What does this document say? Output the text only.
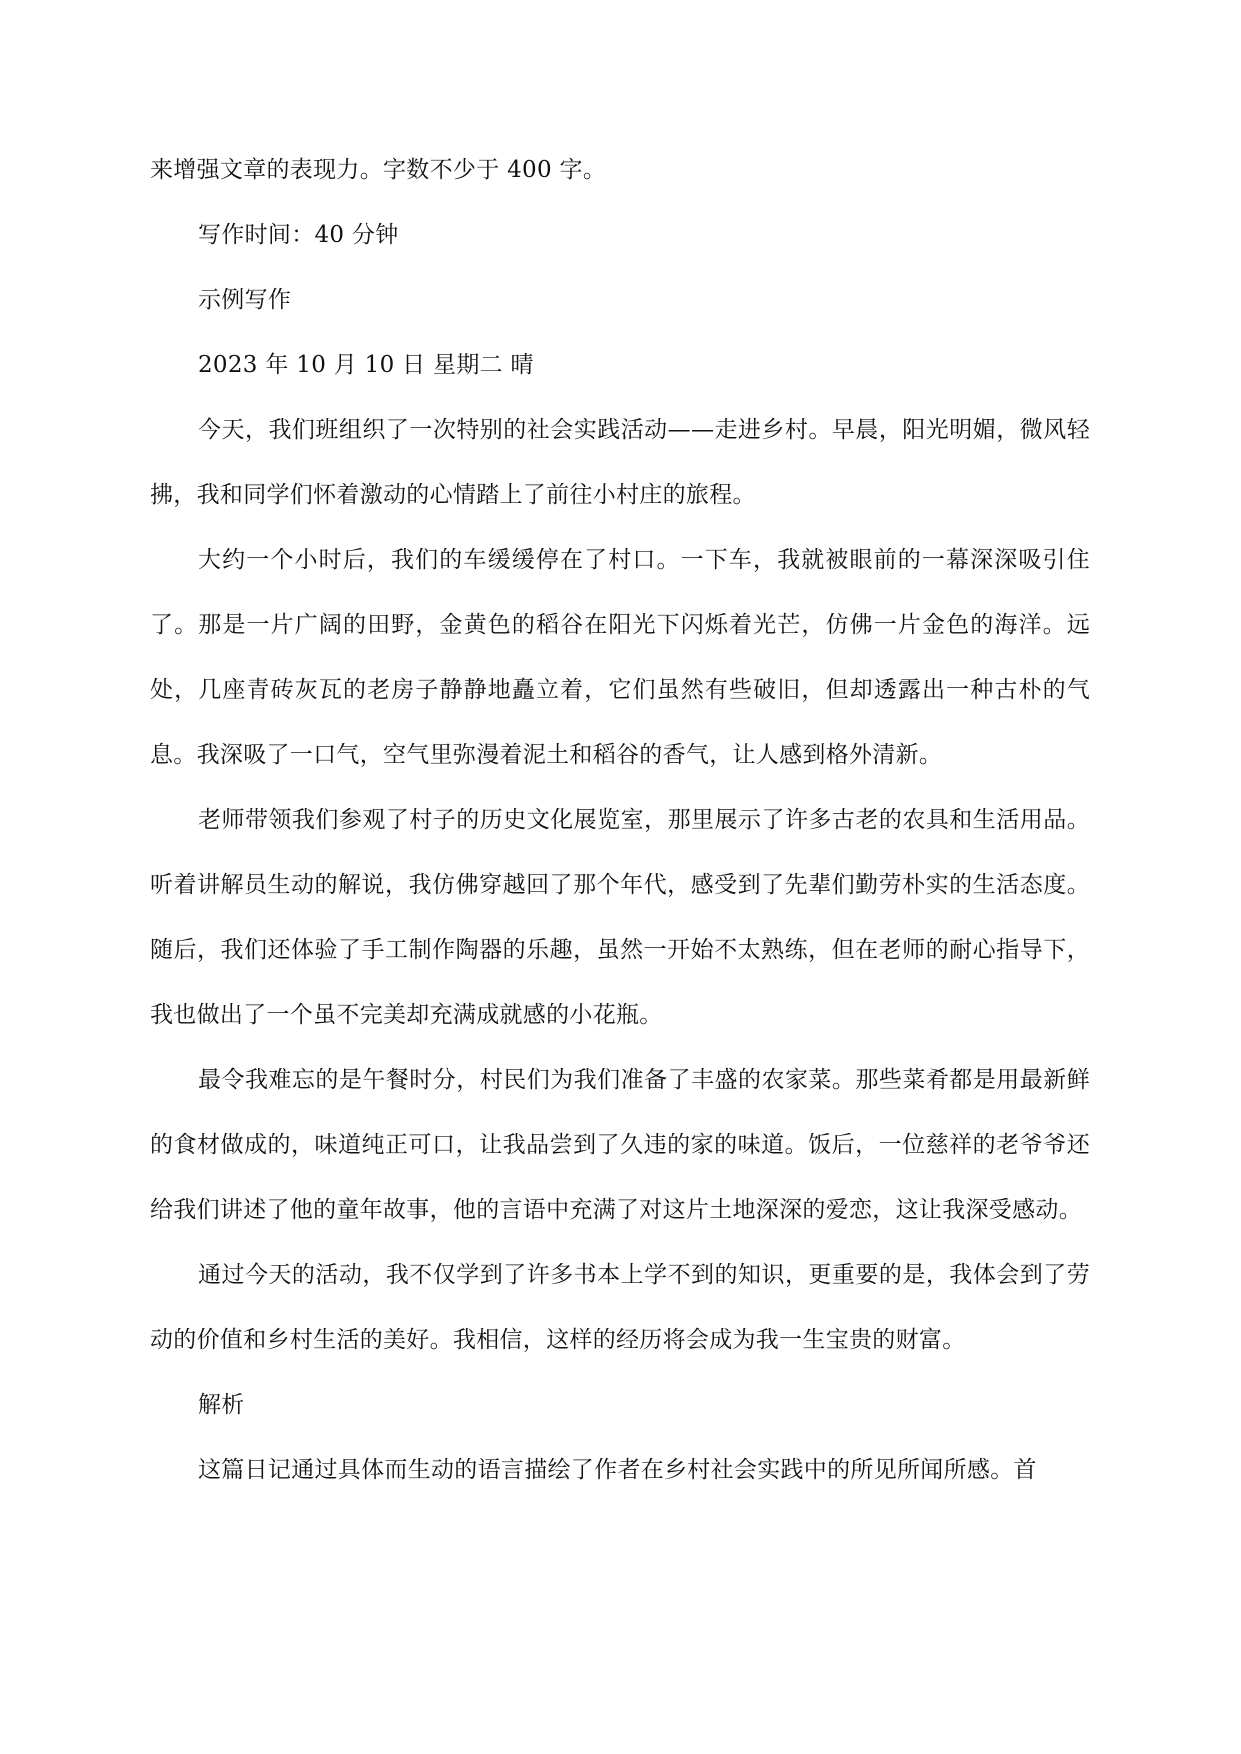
来增强文章的表现力。字数不少于 400 字。

写作时间：40 分钟

示例写作

2023 年 10 月 10 日 星期二 晴

今天，我们班组织了一次特别的社会实践活动——走进乡村。早晨，阳光明媚，微风轻拂，我和同学们怀着激动的心情踏上了前往小村庄的旅程。

大约一个小时后，我们的车缓缓停在了村口。一下车，我就被眼前的一幕深深吸引住了。那是一片广阔的田野，金黄色的稻谷在阳光下闪烁着光芒，仿佛一片金色的海洋。远处，几座青砖灰瓦的老房子静静地矗立着，它们虽然有些破旧，但却透露出一种古朴的气息。我深吸了一口气，空气里弥漫着泥土和稻谷的香气，让人感到格外清新。

老师带领我们参观了村子的历史文化展览室，那里展示了许多古老的农具和生活用品。听着讲解员生动的解说，我仿佛穿越回了那个年代，感受到了先辈们勤劳朴实的生活态度。随后，我们还体验了手工制作陶器的乐趣，虽然一开始不太熟练，但在老师的耐心指导下，我也做出了一个虽不完美却充满成就感的小花瓶。

最令我难忘的是午餐时分，村民们为我们准备了丰盛的农家菜。那些菜肴都是用最新鲜的食材做成的，味道纯正可口，让我品尝到了久违的家的味道。饭后，一位慈祥的老爷爷还给我们讲述了他的童年故事，他的言语中充满了对这片土地深深的爱恋，这让我深受感动。

通过今天的活动，我不仅学到了许多书本上学不到的知识，更重要的是，我体会到了劳动的价值和乡村生活的美好。我相信，这样的经历将会成为我一生宝贵的财富。

解析

这篇日记通过具体而生动的语言描绘了作者在乡村社会实践中的所见所闻所感。首
